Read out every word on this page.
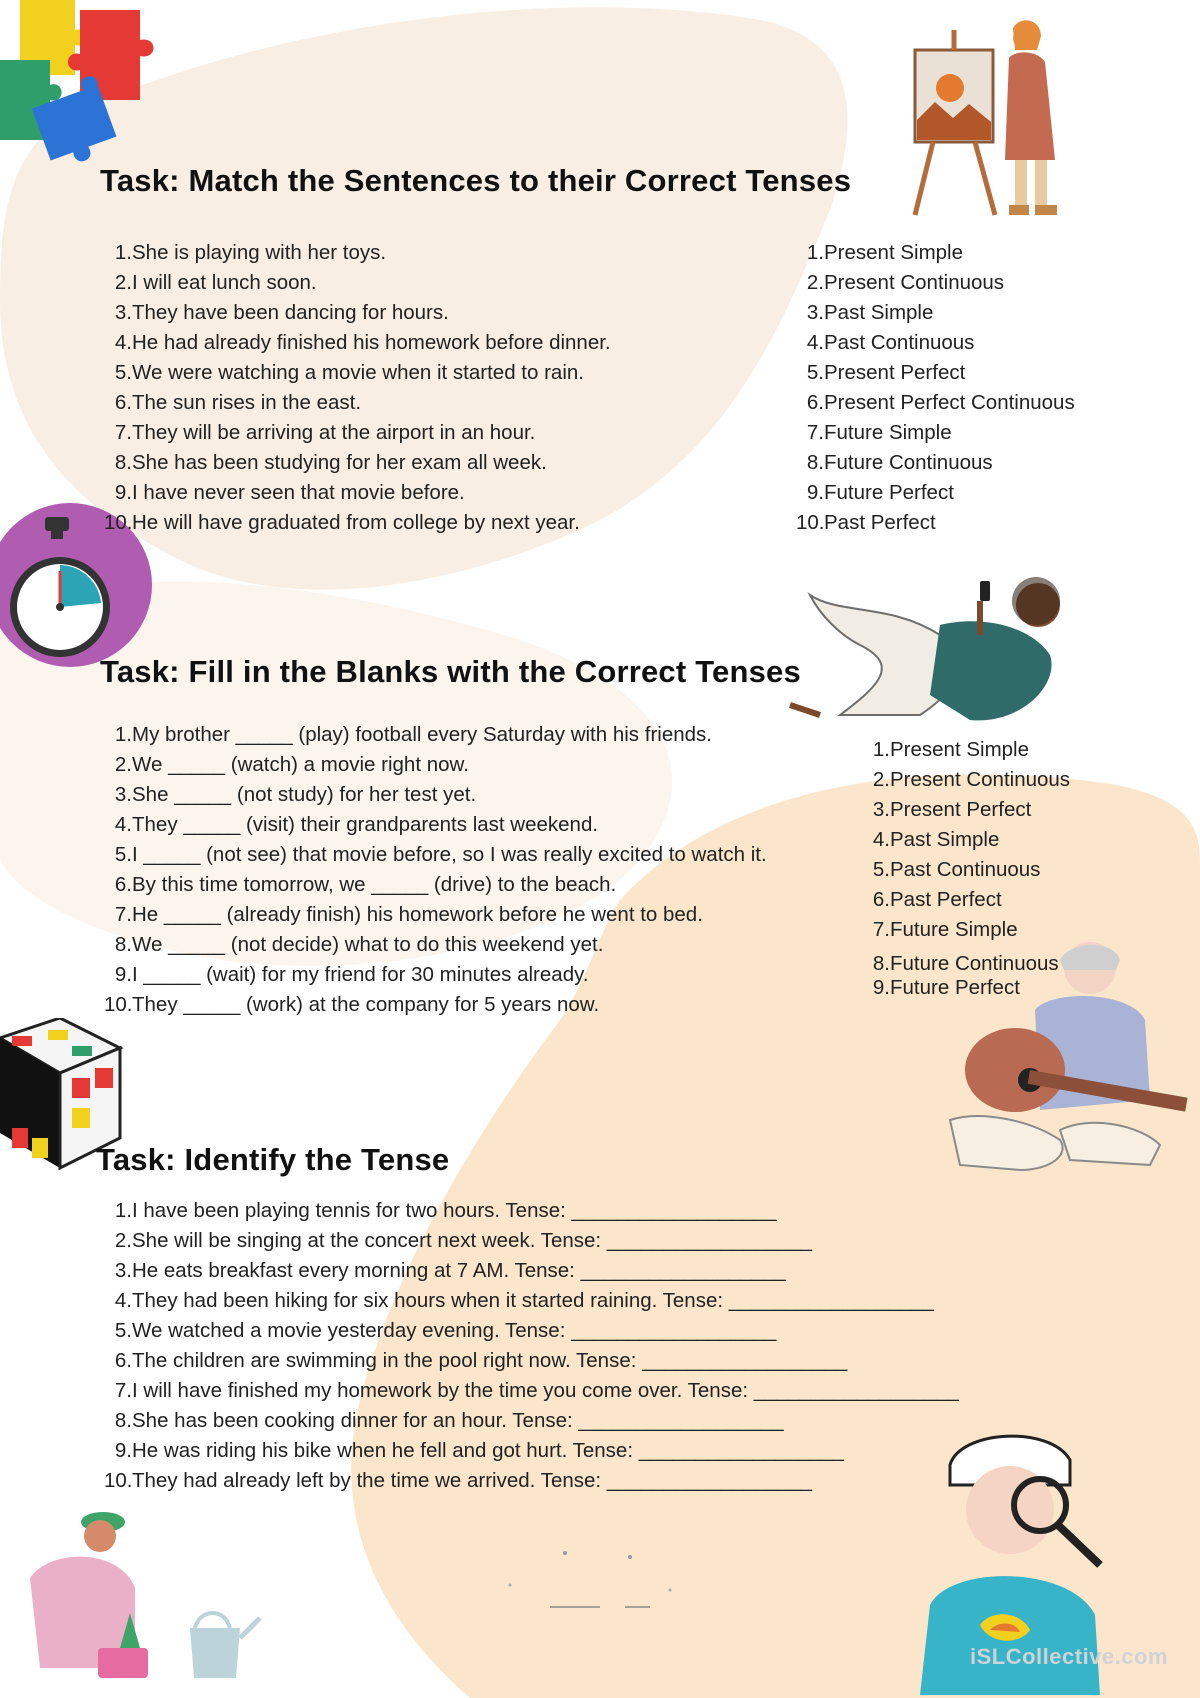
Task: Match the Sentences to their Correct Tenses
1.She is playing with her toys.
2.I will eat lunch soon.
3.They have been dancing for hours.
4.He had already finished his homework before dinner.
5.We were watching a movie when it started to rain.
6.The sun rises in the east.
7.They will be arriving at the airport in an hour.
8.She has been studying for her exam all week.
9.I have never seen that movie before.
10.He will have graduated from college by next year.
1.Present Simple
2.Present Continuous
3.Past Simple
4.Past Continuous
5.Present Perfect
6.Present Perfect Continuous
7.Future Simple
8.Future Continuous
9.Future Perfect
10.Past Perfect
Task: Fill in the Blanks with the Correct Tenses
1.My brother _____ (play) football every Saturday with his friends.
2.We _____ (watch) a movie right now.
3.She _____ (not study) for her test yet.
4.They _____ (visit) their grandparents last weekend.
5.I _____ (not see) that movie before, so I was really excited to watch it.
6.By this time tomorrow, we _____ (drive) to the beach.
7.He _____ (already finish) his homework before he went to bed.
8.We _____ (not decide) what to do this weekend yet.
9.I _____ (wait) for my friend for 30 minutes already.
10.They _____ (work) at the company for 5 years now.
1.Present Simple
2.Present Continuous
3.Present Perfect
4.Past Simple
5.Past Continuous
6.Past Perfect
7.Future Simple
8.Future Continuous
9.Future Perfect
Task: Identify the Tense
1.I have been playing tennis for two hours. Tense: __________________
2.She will be singing at the concert next week. Tense: __________________
3.He eats breakfast every morning at 7 AM. Tense: __________________
4.They had been hiking for six hours when it started raining. Tense: __________________
5.We watched a movie yesterday evening. Tense: __________________
6.The children are swimming in the pool right now. Tense: __________________
7.I will have finished my homework by the time you come over. Tense: __________________
8.She has been cooking dinner for an hour. Tense: __________________
9.He was riding his bike when he fell and got hurt. Tense: __________________
10.They had already left by the time we arrived. Tense: __________________
iSLCollective.com
